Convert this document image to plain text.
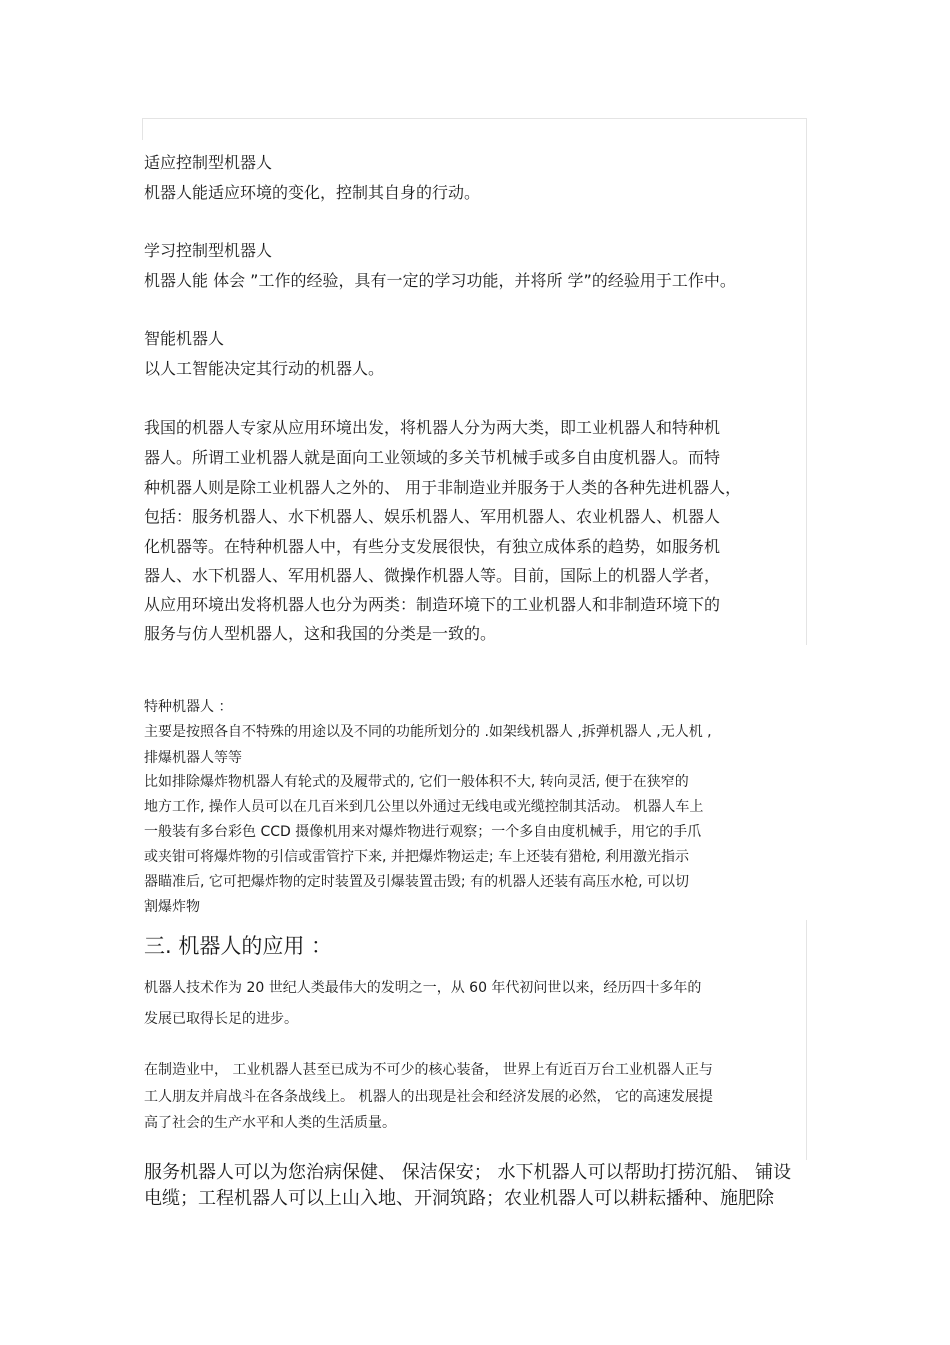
适应控制型机器人
机器人能适应环境的变化，控制其自身的行动。
学习控制型机器人
机器人能 体会 ”工作的经验，具有一定的学习功能，并将所 学”的经验用于工作中。
智能机器人
以人工智能决定其行动的机器人。
我国的机器人专家从应用环境出发，将机器人分为两大类，即工业机器人和特种机
器人。所谓工业机器人就是面向工业领域的多关节机械手或多自由度机器人。而特
种机器人则是除工业机器人之外的、 用于非制造业并服务于人类的各种先进机器人，
包括：服务机器人、水下机器人、娱乐机器人、军用机器人、农业机器人、机器人
化机器等。在特种机器人中，有些分支发展很快，有独立成体系的趋势，如服务机
器人、水下机器人、军用机器人、微操作机器人等。目前，国际上的机器人学者，
从应用环境出发将机器人也分为两类：制造环境下的工业机器人和非制造环境下的
服务与仿人型机器人，这和我国的分类是一致的。
特种机器人 ：
主要是按照各自不特殊的用途以及不同的功能所划分的 .如架线机器人 ,拆弹机器人 ,无人机 ,
排爆机器人等等
比如排除爆炸物机器人有轮式的及履带式的, 它们一般体积不大, 转向灵活, 便于在狭窄的
地方工作, 操作人员可以在几百米到几公里以外通过无线电或光缆控制其活动。 机器人车上
一般装有多台彩色 CCD 摄像机用来对爆炸物进行观察；一个多自由度机械手，用它的手爪
或夹钳可将爆炸物的引信或雷管拧下来, 并把爆炸物运走; 车上还装有猎枪, 利用激光指示
器瞄准后, 它可把爆炸物的定时装置及引爆装置击毁; 有的机器人还装有高压水枪, 可以切
割爆炸物
三. 机器人的应用 ：
机器人技术作为 20 世纪人类最伟大的发明之一，从 60 年代初问世以来，经历四十多年的
发展已取得长足的进步。
在制造业中， 工业机器人甚至已成为不可少的核心装备， 世界上有近百万台工业机器人正与
工人朋友并肩战斗在各条战线上。 机器人的出现是社会和经济发展的必然， 它的高速发展提
高了社会的生产水平和人类的生活质量。
服务机器人可以为您治病保健、 保洁保安； 水下机器人可以帮助打捞沉船、 铺设
电缆；工程机器人可以上山入地、开洞筑路；农业机器人可以耕耘播种、施肥除
